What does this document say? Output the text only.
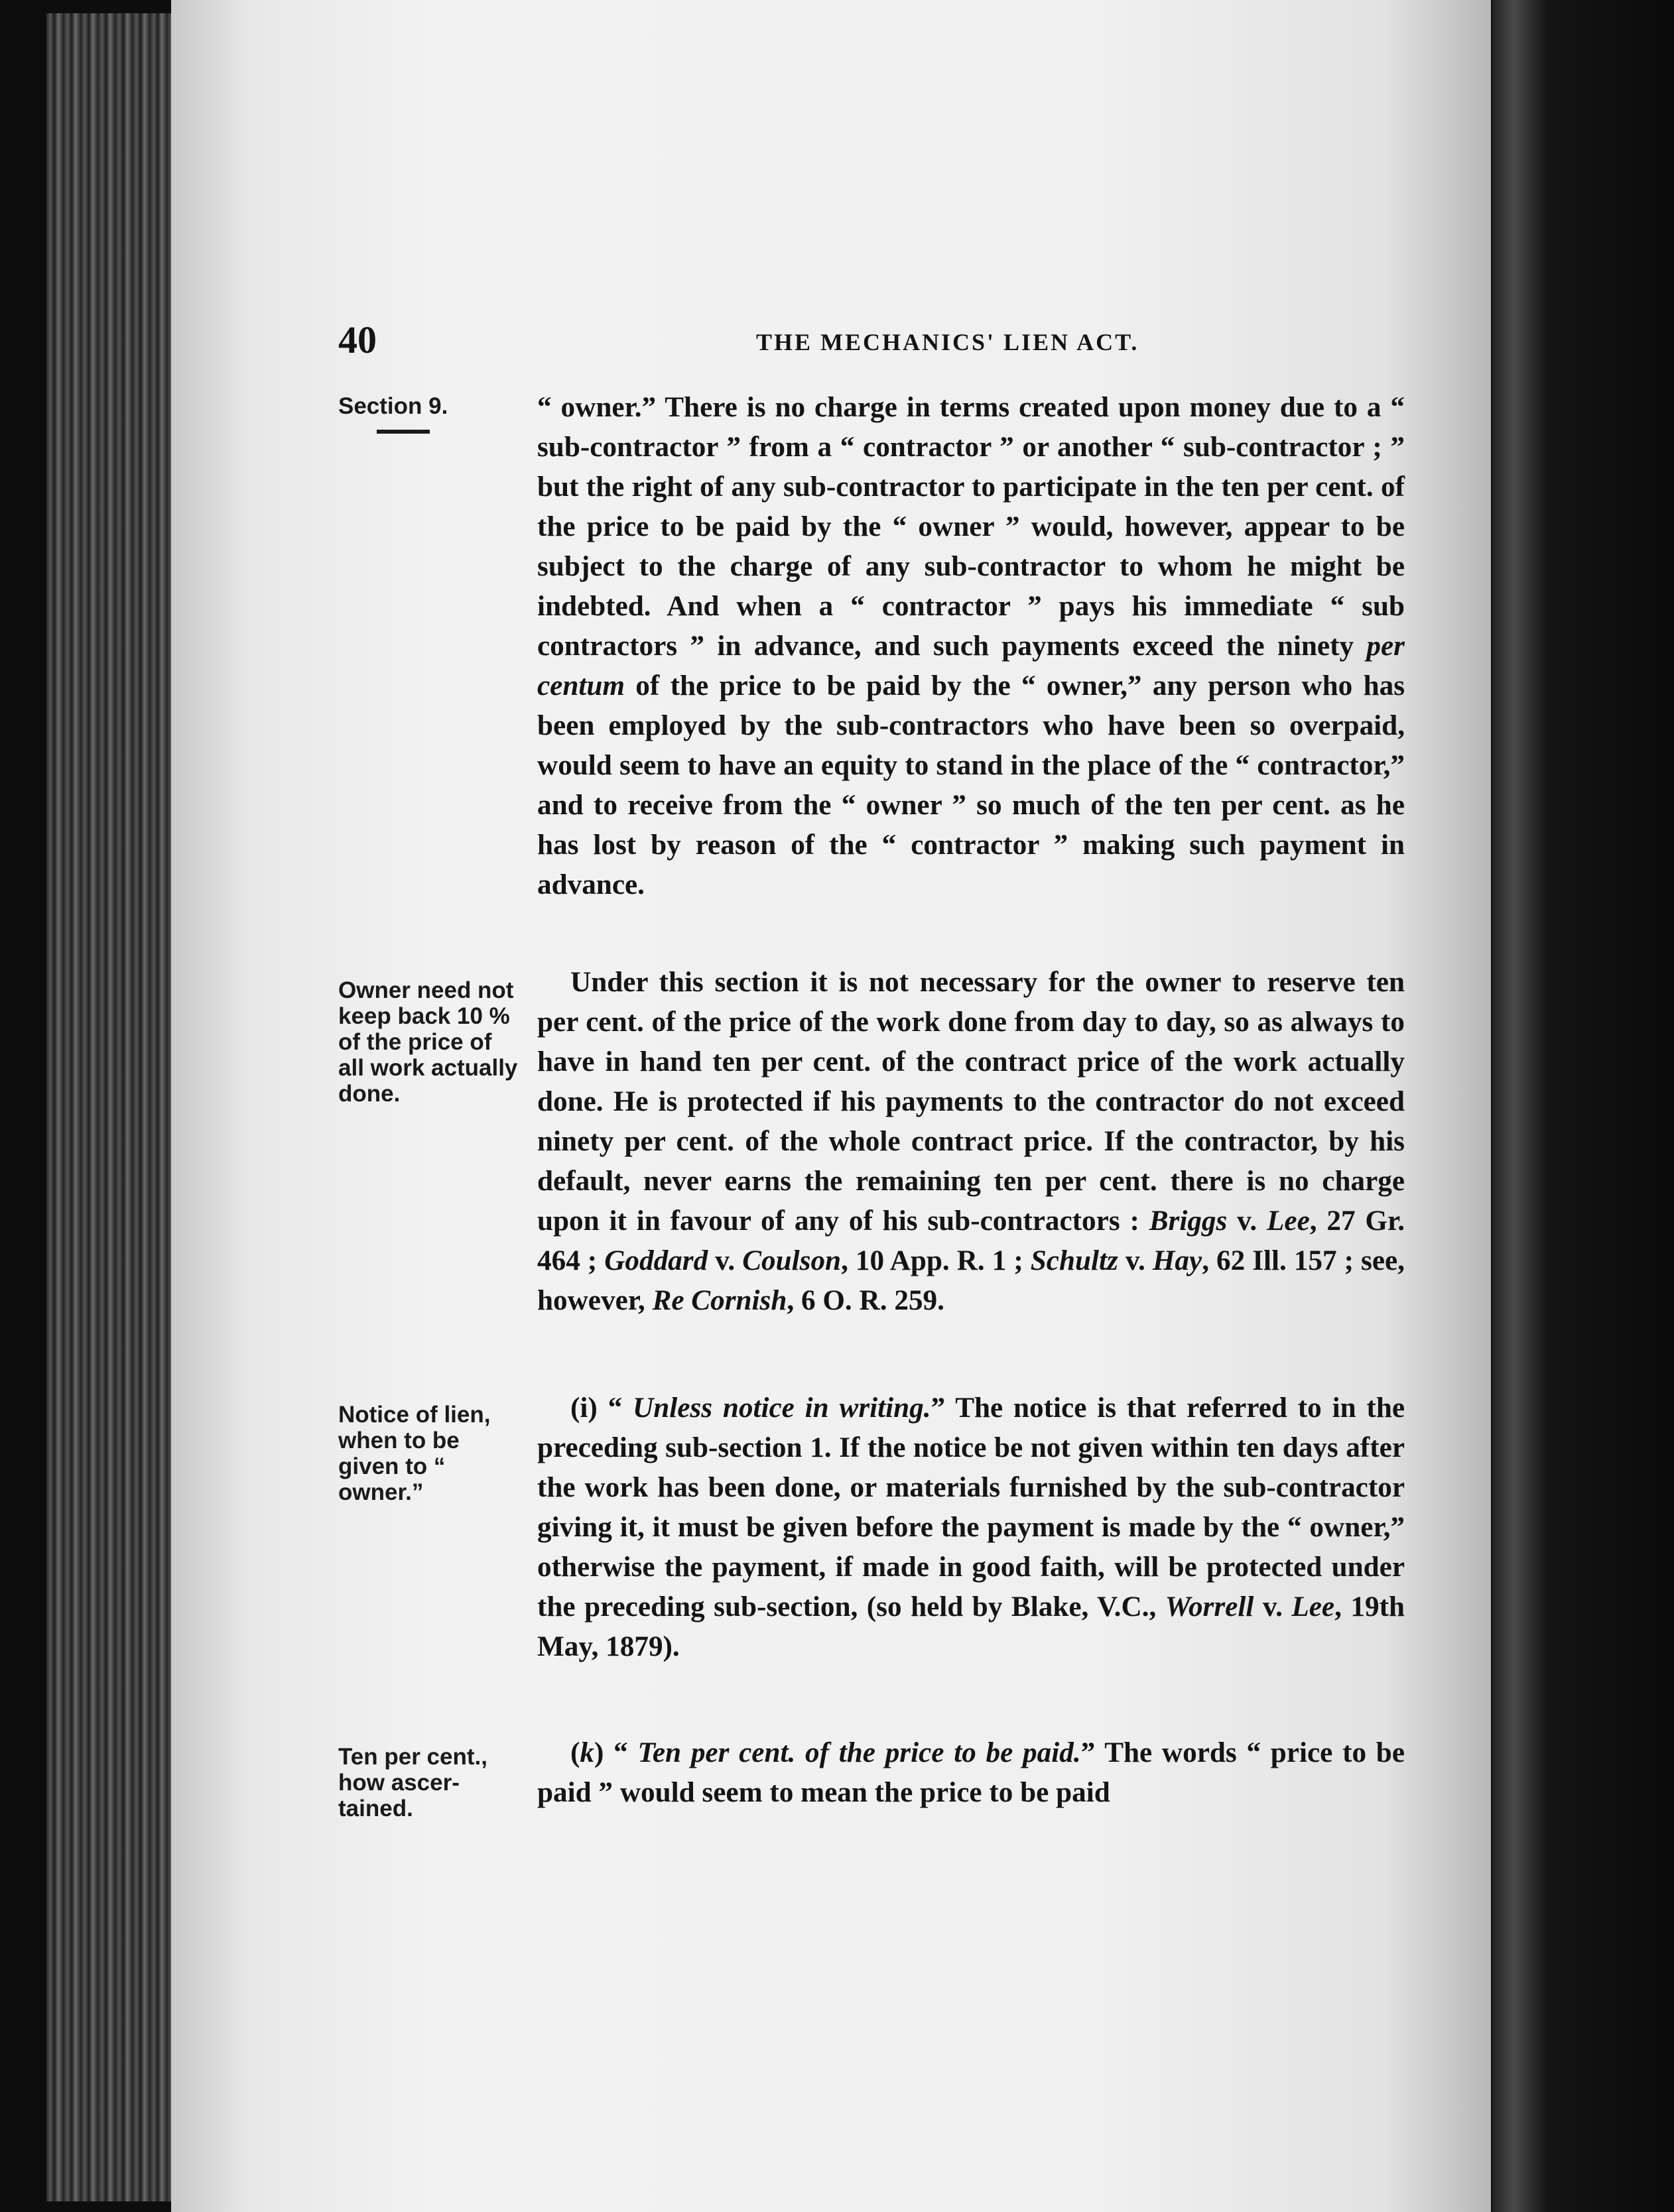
40	THE MECHANICS' LIEN ACT.
Section 9.	“ owner.” There is no charge in terms created upon money due to a “ sub-contractor ” from a “ contractor ” or another “ sub-contractor ; ” but the right of any sub-contractor to participate in the ten per cent. of the price to be paid by the “ owner ” would, however, appear to be subject to the charge of any sub-contractor to whom he might be indebted. And when a “ contractor ” pays his immediate “ sub contractors ” in advance, and such payments exceed the ninety per centum of the price to be paid by the “ owner,” any person who has been employed by the sub-contractors who have been so overpaid, would seem to have an equity to stand in the place of the “ contractor,” and to receive from the “ owner ” so much of the ten per cent. as he has lost by reason of the “ contractor ” making such payment in advance.
Owner need not keep back 10 % of the price of all work actually done.
Under this section it is not necessary for the owner to reserve ten per cent. of the price of the work done from day to day, so as always to have in hand ten per cent. of the contract price of the work actually done. He is protected if his payments to the contractor do not exceed ninety per cent. of the whole contract price. If the contractor, by his default, never earns the remaining ten per cent. there is no charge upon it in favour of any of his sub-contractors : Briggs v. Lee, 27 Gr. 464 ; Goddard v. Coulson, 10 App. R. 1 ; Schultz v. Hay, 62 Ill. 157 ; see, however, Re Cornish, 6 O. R. 259.
Notice of lien, when to be given to “ owner.”
(i) “ Unless notice in writing.” The notice is that referred to in the preceding sub-section 1. If the notice be not given within ten days after the work has been done, or materials furnished by the sub-contractor giving it, it must be given before the payment is made by the “ owner,” otherwise the payment, if made in good faith, will be protected under the preceding sub-section, (so held by Blake, V.C., Worrell v. Lee, 19th May, 1879).
Ten per cent., how ascer-tained.
(k) “ Ten per cent. of the price to be paid.” The words “ price to be paid ” would seem to mean the price to be paid
